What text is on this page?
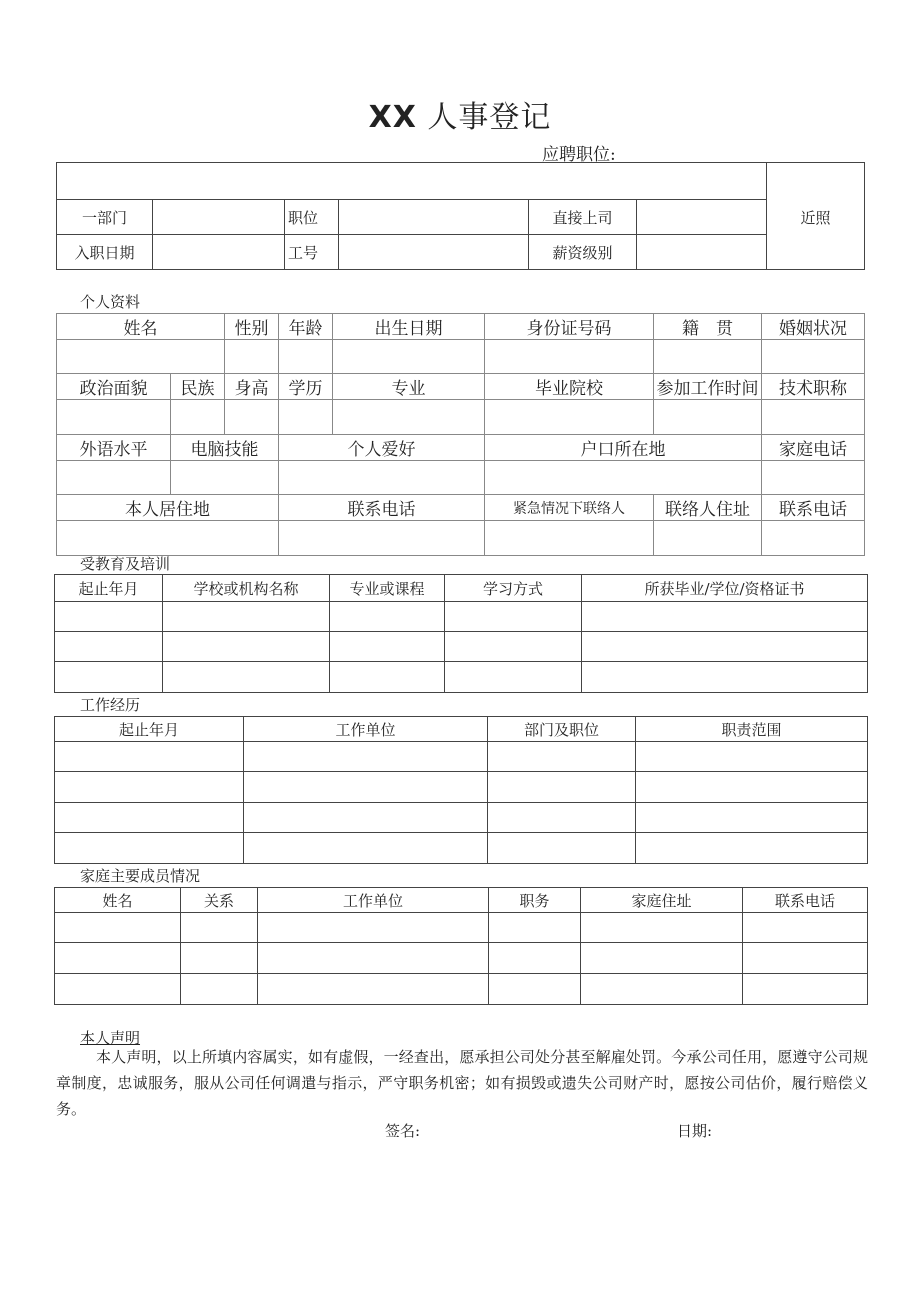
XX 人事登记
应聘职位:
						近照
一部门		职位		直接上司		
入职日期		工号		薪资级别		
个人资料
姓名		性别	年龄	出生日期	身份证号码	籍　贯	婚姻状况

政治面貌	民族	身高	学历	专业	毕业院校	参加工作时间	技术职称

外语水平	电脑技能		个人爱好		户口所在地		家庭电话

本人居住地			联系电话		紧急情况下联络人	联络人住址	联系电话

受教育及培训
起止年月	学校或机构名称	专业或课程	学习方式	所获毕业/学位/资格证书

工作经历
起止年月	工作单位	部门及职位	职责范围

家庭主要成员情况
姓名	关系	工作单位	职务	家庭住址	联系电话

本人声明
本人声明，以上所填内容属实，如有虚假，一经查出，愿承担公司处分甚至解雇处罚。今承公司任用，愿遵守公司规章制度，忠诚服务，服从公司任何调遣与指示，严守职务机密；如有损毁或遗失公司财产时，愿按公司估价，履行赔偿义务。
签名:	日期:
